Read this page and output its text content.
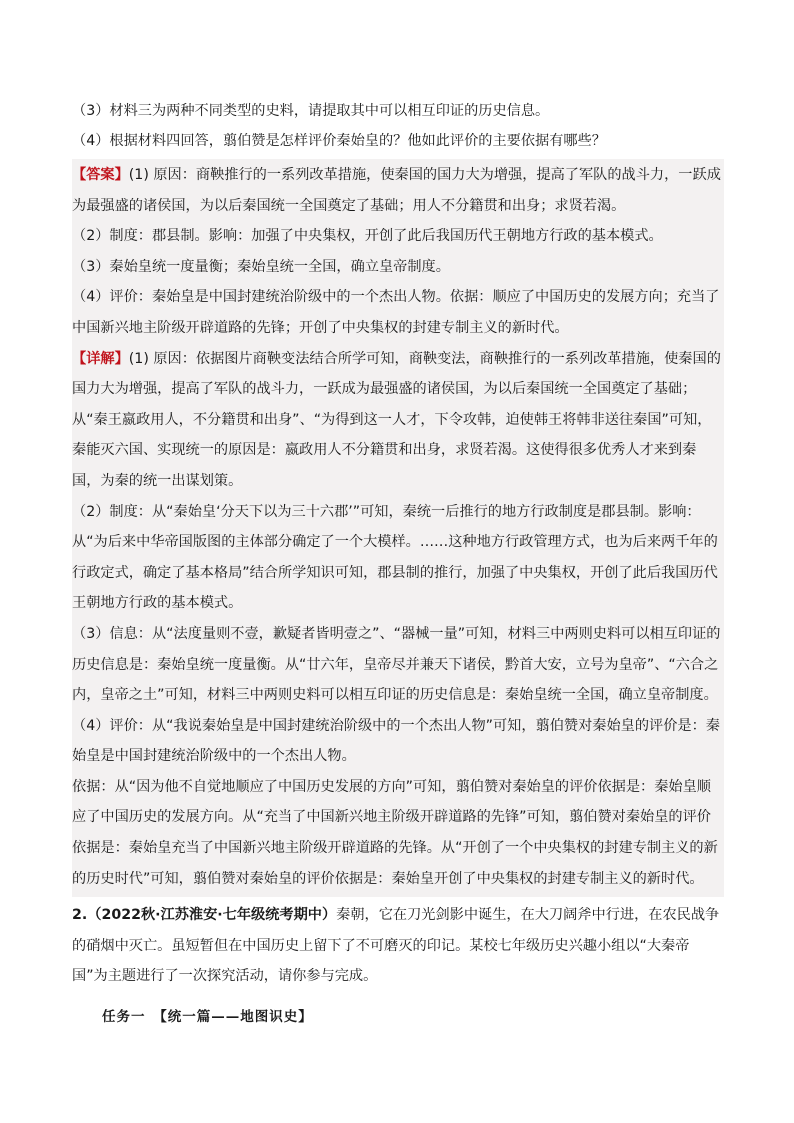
（3）材料三为两种不同类型的史料，请提取其中可以相互印证的历史信息。

（4）根据材料四回答，翦伯赞是怎样评价秦始皇的？他如此评价的主要依据有哪些？

【答案】(1) 原因：商鞅推行的一系列改革措施，使秦国的国力大为增强，提高了军队的战斗力，一跃成为最强盛的诸侯国，为以后秦国统一全国奠定了基础；用人不分籍贯和出身；求贤若渴。

（2）制度：郡县制。影响：加强了中央集权，开创了此后我国历代王朝地方行政的基本模式。

（3）秦始皇统一度量衡；秦始皇统一全国，确立皇帝制度。

（4）评价：秦始皇是中国封建统治阶级中的一个杰出人物。依据：顺应了中国历史的发展方向；充当了中国新兴地主阶级开辟道路的先锋；开创了中央集权的封建专制主义的新时代。

【详解】(1) 原因：依据图片商鞅变法结合所学可知，商鞅变法，商鞅推行的一系列改革措施，使秦国的国力大为增强，提高了军队的战斗力，一跃成为最强盛的诸侯国，为以后秦国统一全国奠定了基础；从“秦王嬴政用人，不分籍贯和出身”、“为得到这一人才，下令攻韩，迫使韩王将韩非送往秦国”可知，秦能灭六国、实现统一的原因是：嬴政用人不分籍贯和出身，求贤若渴。这使得很多优秀人才来到秦国，为秦的统一出谋划策。

（2）制度：从“秦始皇‘分天下以为三十六郡’”可知，秦统一后推行的地方行政制度是郡县制。影响：从“为后来中华帝国版图的主体部分确定了一个大模样。……这种地方行政管理方式，也为后来两千年的行政定式，确定了基本格局”结合所学知识可知，郡县制的推行，加强了中央集权，开创了此后我国历代王朝地方行政的基本模式。

（3）信息：从“法度量则不壹，歉疑者皆明壹之”、“器械一量”可知，材料三中两则史料可以相互印证的历史信息是：秦始皇统一度量衡。从“廿六年，皇帝尽并兼天下诸侯，黔首大安，立号为皇帝”、“六合之内，皇帝之土”可知，材料三中两则史料可以相互印证的历史信息是：秦始皇统一全国，确立皇帝制度。

（4）评价：从“我说秦始皇是中国封建统治阶级中的一个杰出人物”可知，翦伯赞对秦始皇的评价是：秦始皇是中国封建统治阶级中的一个杰出人物。

依据：从“因为他不自觉地顺应了中国历史发展的方向”可知，翦伯赞对秦始皇的评价依据是：秦始皇顺应了中国历史的发展方向。从“充当了中国新兴地主阶级开辟道路的先锋”可知，翦伯赞对秦始皇的评价依据是：秦始皇充当了中国新兴地主阶级开辟道路的先锋。从“开创了一个中央集权的封建专制主义的新的历史时代”可知，翦伯赞对秦始皇的评价依据是：秦始皇开创了中央集权的封建专制主义的新时代。

2.（2022秋·江苏淮安·七年级统考期中）秦朝，它在刀光剑影中诞生，在大刀阔斧中行进，在农民战争的硝烟中灭亡。虽短暂但在中国历史上留下了不可磨灭的印记。某校七年级历史兴趣小组以“大秦帝国”为主题进行了一次探究活动，请你参与完成。

任务一　【统一篇——地图识史】
